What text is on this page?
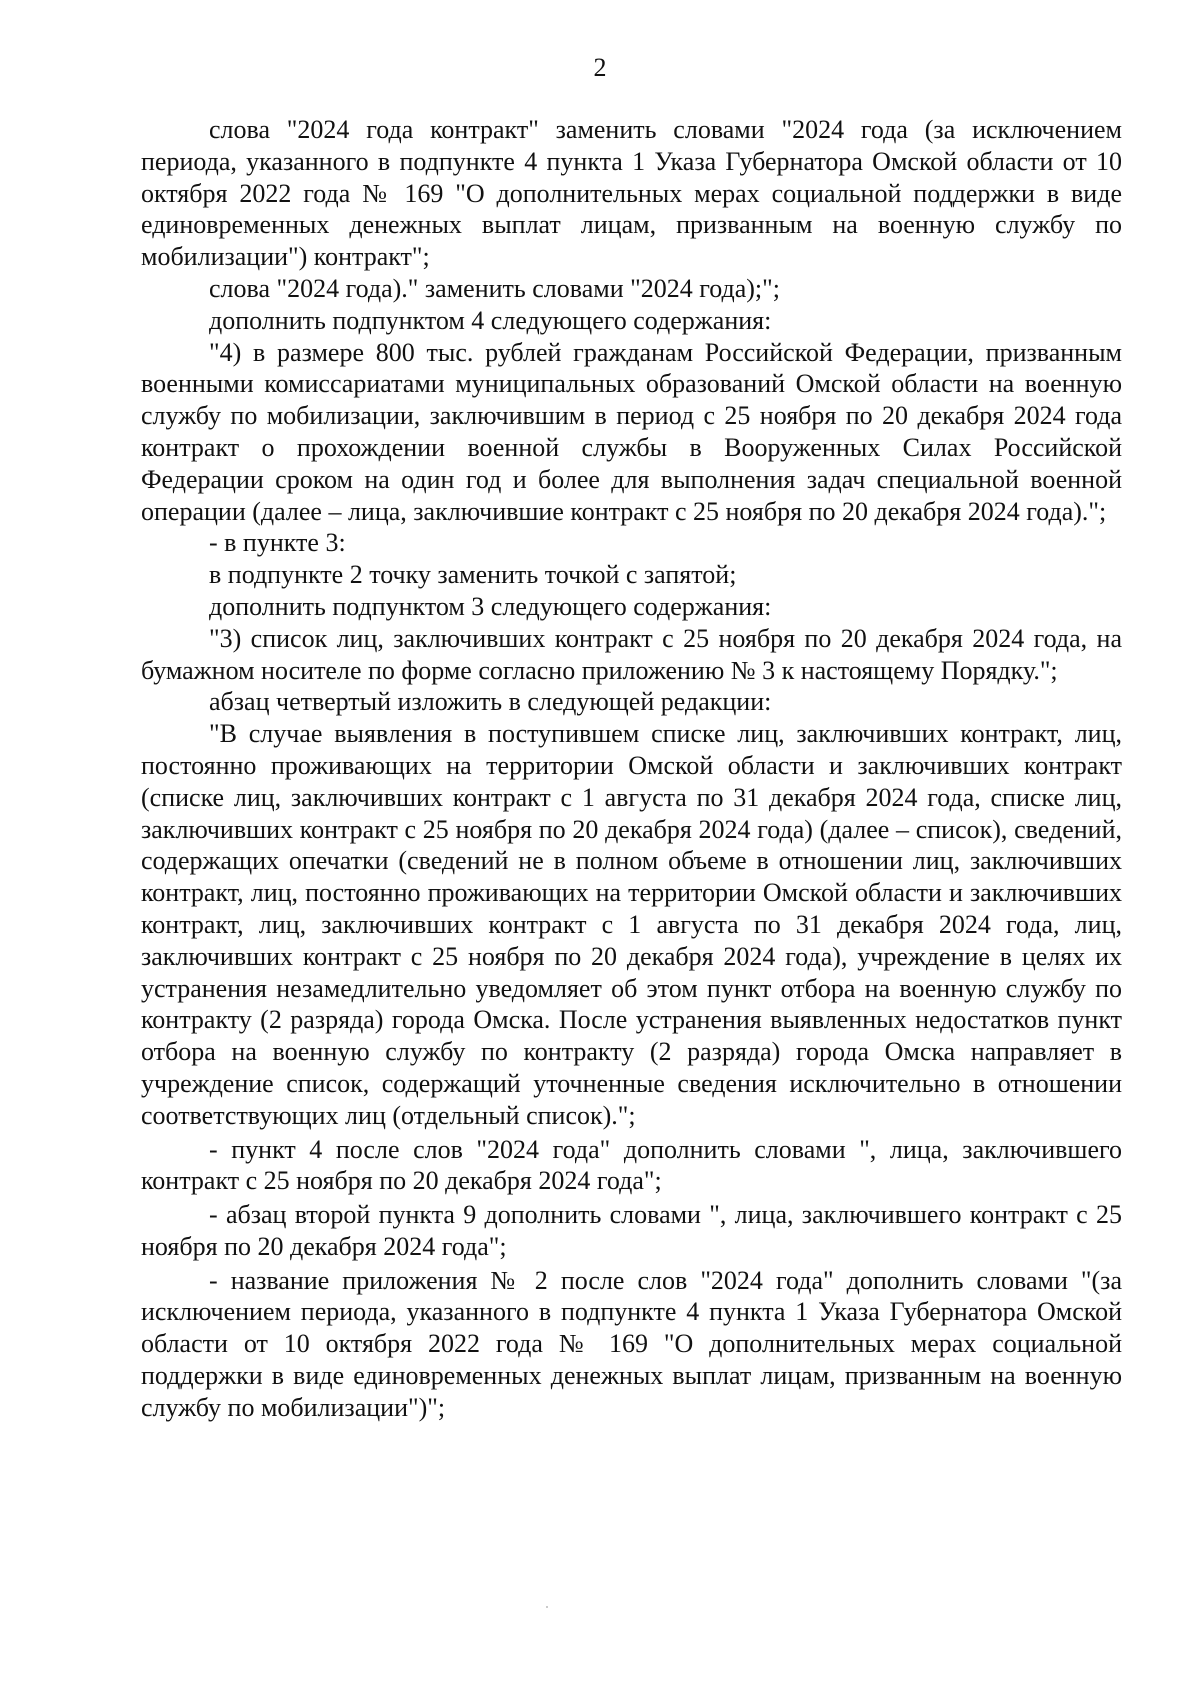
2

слова "2024 года контракт" заменить словами "2024 года (за исключением периода, указанного в подпункте 4 пункта 1 Указа Губернатора Омской области от 10 октября 2022 года № 169 "О дополнительных мерах социальной поддержки в виде единовременных денежных выплат лицам, призванным на военную службу по мобилизации") контракт";

слова "2024 года)." заменить словами "2024 года);";

дополнить подпунктом 4 следующего содержания:

"4) в размере 800 тыс. рублей гражданам Российской Федерации, призванным военными комиссариатами муниципальных образований Омской области на военную службу по мобилизации, заключившим в период с 25 ноября по 20 декабря 2024 года контракт о прохождении военной службы в Вооруженных Силах Российской Федерации сроком на один год и более для выполнения задач специальной военной операции (далее – лица, заключившие контракт с 25 ноября по 20 декабря 2024 года).";

- в пункте 3:

в подпункте 2 точку заменить точкой с запятой;

дополнить подпунктом 3 следующего содержания:

"3) список лиц, заключивших контракт с 25 ноября по 20 декабря 2024 года, на бумажном носителе по форме согласно приложению № 3 к настоящему Порядку.";

абзац четвертый изложить в следующей редакции:

"В случае выявления в поступившем списке лиц, заключивших контракт, лиц, постоянно проживающих на территории Омской области и заключивших контракт (списке лиц, заключивших контракт с 1 августа по 31 декабря 2024 года, списке лиц, заключивших контракт с 25 ноября по 20 декабря 2024 года) (далее – список), сведений, содержащих опечатки (сведений не в полном объеме в отношении лиц, заключивших контракт, лиц, постоянно проживающих на территории Омской области и заключивших контракт, лиц, заключивших контракт с 1 августа по 31 декабря 2024 года, лиц, заключивших контракт с 25 ноября по 20 декабря 2024 года), учреждение в целях их устранения незамедлительно уведомляет об этом пункт отбора на военную службу по контракту (2 разряда) города Омска. После устранения выявленных недостатков пункт отбора на военную службу по контракту (2 разряда) города Омска направляет в учреждение список, содержащий уточненные сведения исключительно в отношении соответствующих лиц (отдельный список).";

- пункт 4 после слов "2024 года" дополнить словами ", лица, заключившего контракт с 25 ноября по 20 декабря 2024 года";

- абзац второй пункта 9 дополнить словами ", лица, заключившего контракт с 25 ноября по 20 декабря 2024 года";

- название приложения № 2 после слов "2024 года" дополнить словами "(за исключением периода, указанного в подпункте 4 пункта 1 Указа Губернатора Омской области от 10 октября 2022 года № 169 "О дополнительных мерах социальной поддержки в виде единовременных денежных выплат лицам, призванным на военную службу по мобилизации")";
